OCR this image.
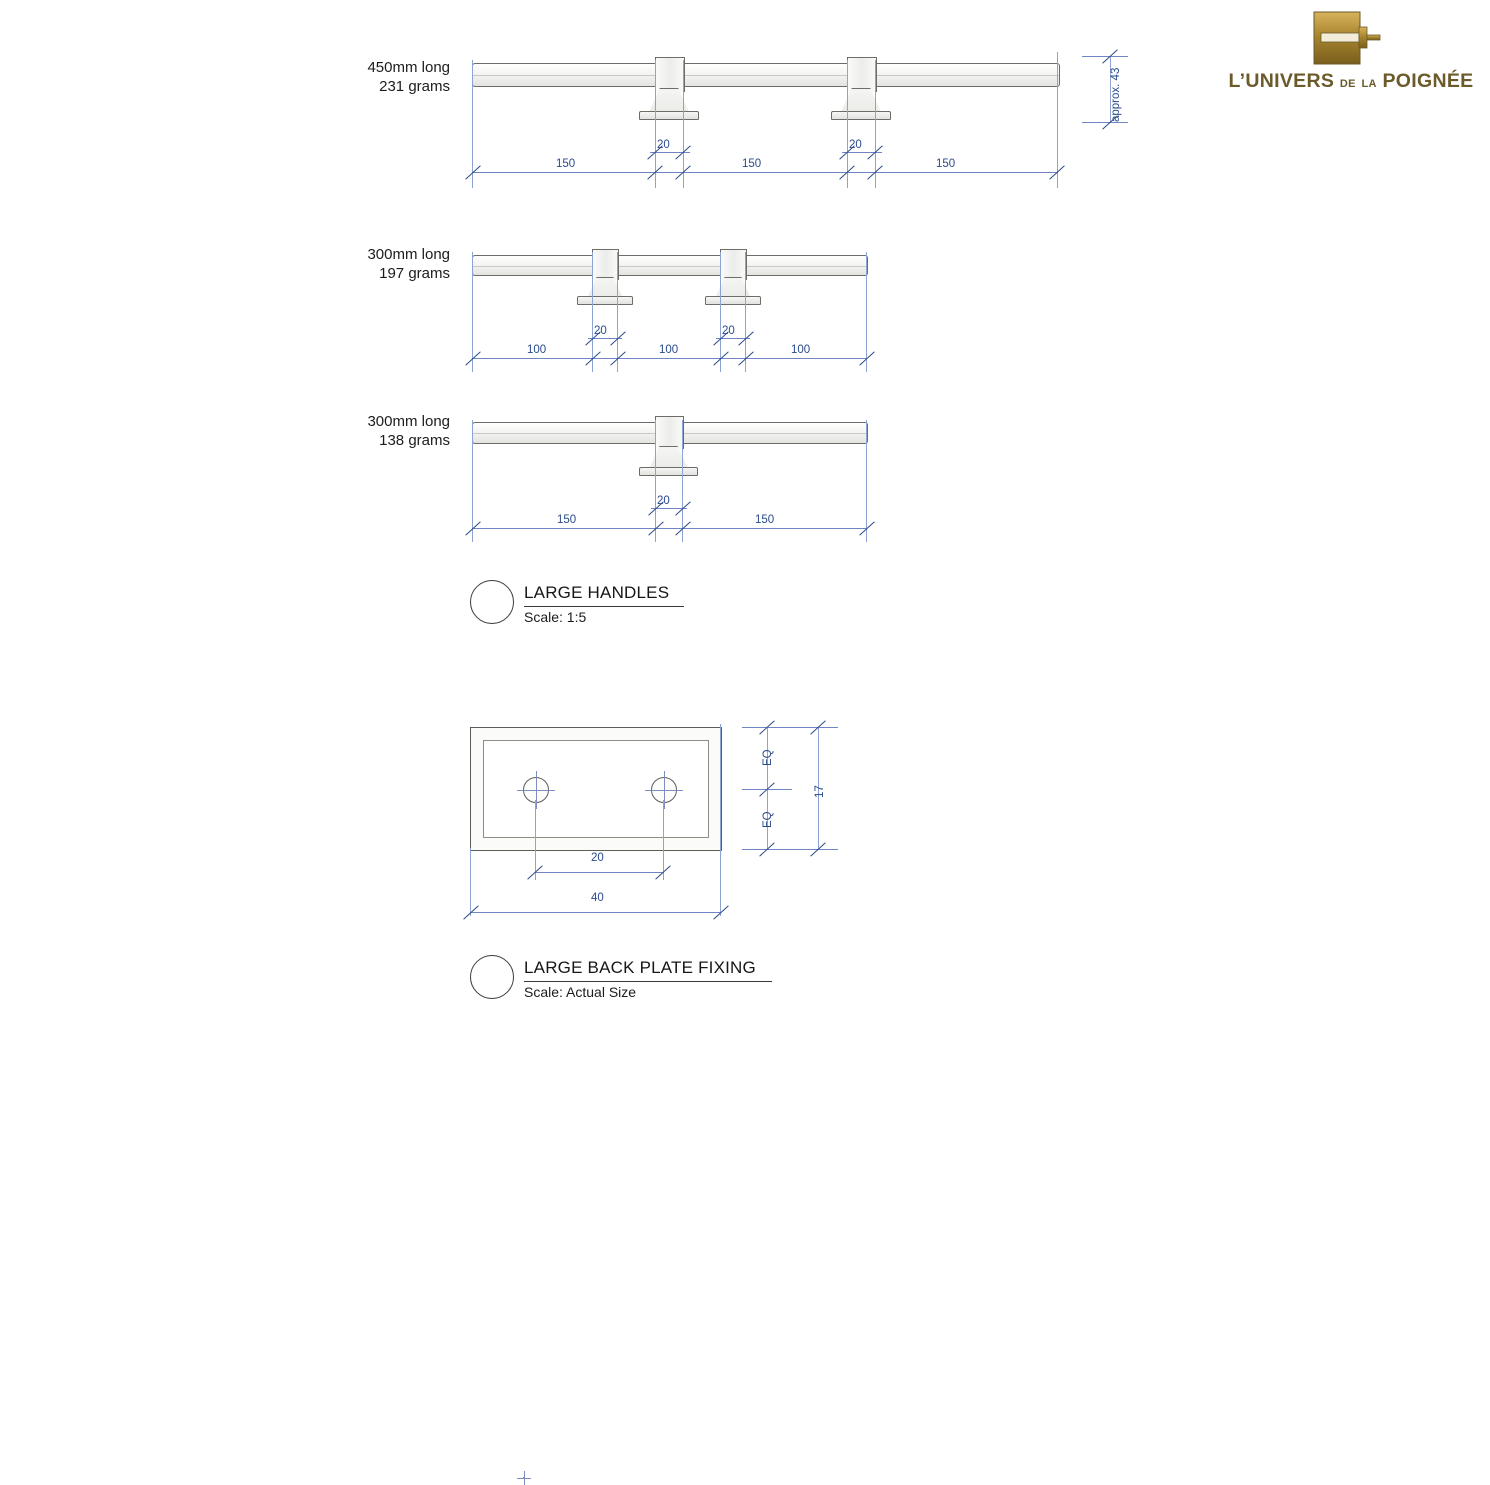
L’UNIVERS DE LA POIGNÉE
450mm long
231 grams
150	150	150
20	20
approx. 43
300mm long
197 grams
100	100	100
20	20
300mm long
138 grams
150	150
20
LARGE HANDLES
Scale: 1:5
EQ
EQ
17
20
40
LARGE BACK PLATE FIXING
Scale: Actual Size
